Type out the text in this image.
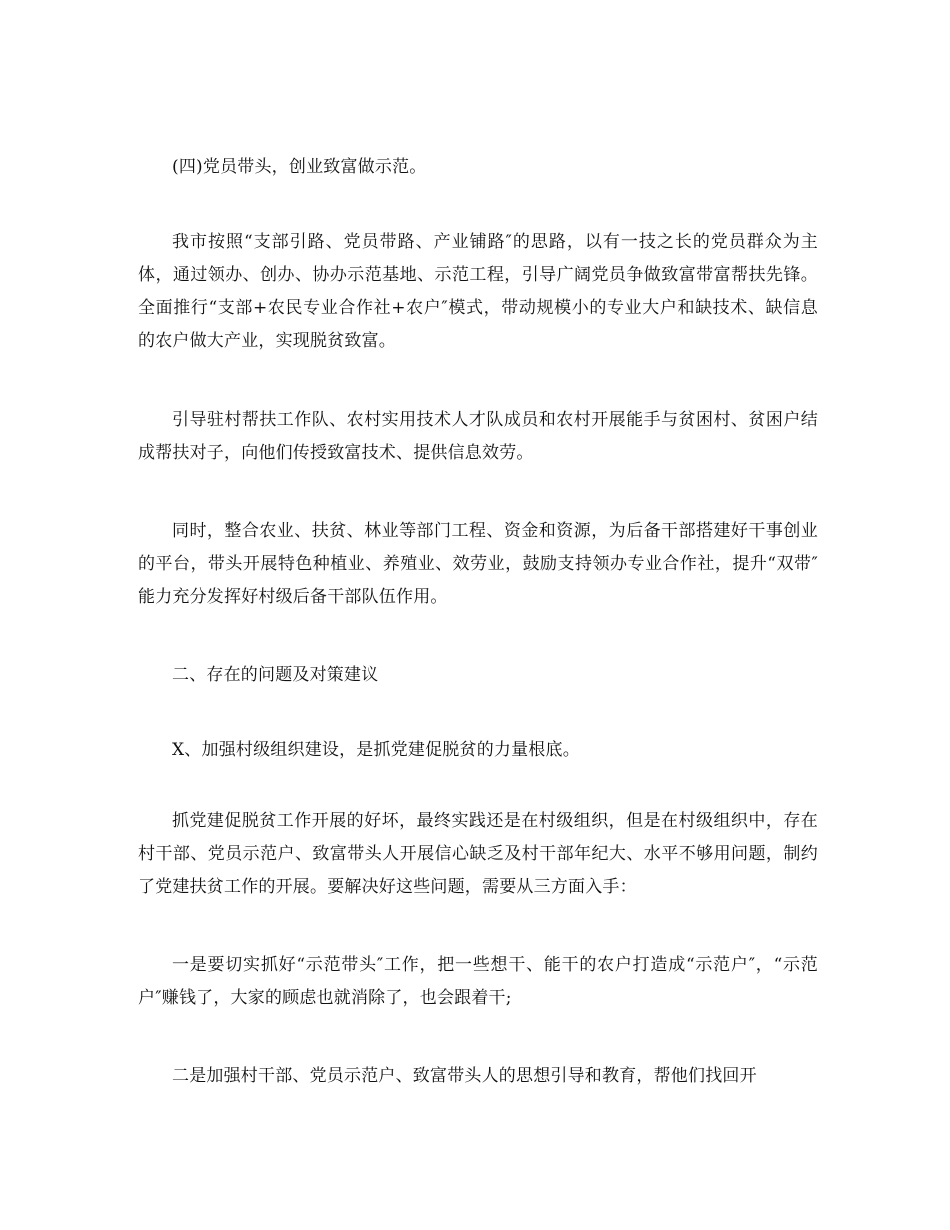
(四)党员带头，创业致富做示范。

我市按照“支部引路、党员带路、产业铺路″的思路，以有一技之长的党员群众为主体，通过领办、创办、协办示范基地、示范工程，引导广阔党员争做致富带富帮扶先锋。全面推行“支部+农民专业合作社+农户″模式，带动规模小的专业大户和缺技术、缺信息的农户做大产业，实现脱贫致富。

引导驻村帮扶工作队、农村实用技术人才队成员和农村开展能手与贫困村、贫困户结成帮扶对子，向他们传授致富技术、提供信息效劳。

同时，整合农业、扶贫、林业等部门工程、资金和资源，为后备干部搭建好干事创业的平台，带头开展特色种植业、养殖业、效劳业，鼓励支持领办专业合作社，提升“双带″能力充分发挥好村级后备干部队伍作用。

二、存在的问题及对策建议

X、加强村级组织建设，是抓党建促脱贫的力量根底。

抓党建促脱贫工作开展的好坏，最终实践还是在村级组织，但是在村级组织中，存在村干部、党员示范户、致富带头人开展信心缺乏及村干部年纪大、水平不够用问题，制约了党建扶贫工作的开展。要解决好这些问题，需要从三方面入手：

一是要切实抓好“示范带头″工作，把一些想干、能干的农户打造成“示范户″，“示范户″赚钱了，大家的顾虑也就消除了，也会跟着干;

二是加强村干部、党员示范户、致富带头人的思想引导和教育，帮他们找回开
